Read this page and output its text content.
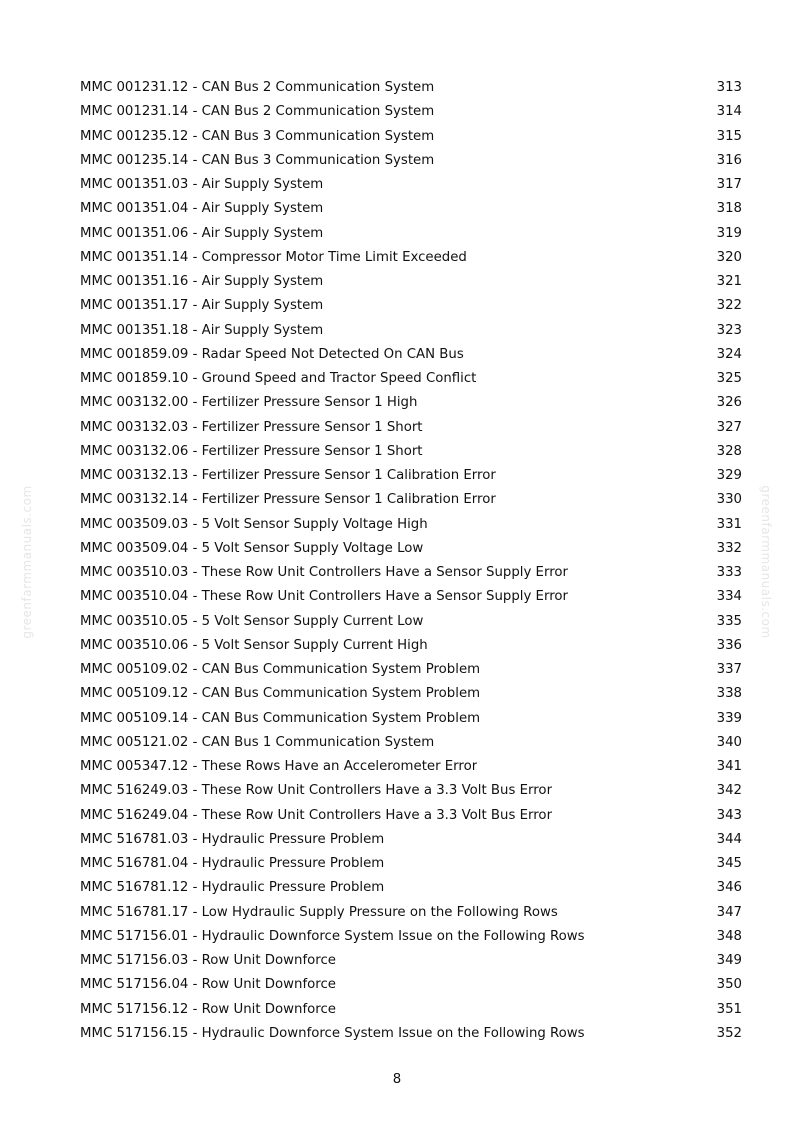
greenfarmmanuals.com	greenfarmmanuals.com
MMC 001231.12 - CAN Bus 2 Communication System	313
MMC 001231.14 - CAN Bus 2 Communication System	314
MMC 001235.12 - CAN Bus 3 Communication System	315
MMC 001235.14 - CAN Bus 3 Communication System	316
MMC 001351.03 - Air Supply System	317
MMC 001351.04 - Air Supply System	318
MMC 001351.06 - Air Supply System	319
MMC 001351.14 - Compressor Motor Time Limit Exceeded	320
MMC 001351.16 - Air Supply System	321
MMC 001351.17 - Air Supply System	322
MMC 001351.18 - Air Supply System	323
MMC 001859.09 - Radar Speed Not Detected On CAN Bus	324
MMC 001859.10 - Ground Speed and Tractor Speed Conflict	325
MMC 003132.00 - Fertilizer Pressure Sensor 1 High	326
MMC 003132.03 - Fertilizer Pressure Sensor 1 Short	327
MMC 003132.06 - Fertilizer Pressure Sensor 1 Short	328
MMC 003132.13 - Fertilizer Pressure Sensor 1 Calibration Error	329
MMC 003132.14 - Fertilizer Pressure Sensor 1 Calibration Error	330
MMC 003509.03 - 5 Volt Sensor Supply Voltage High	331
MMC 003509.04 - 5 Volt Sensor Supply Voltage Low	332
MMC 003510.03 - These Row Unit Controllers Have a Sensor Supply Error	333
MMC 003510.04 - These Row Unit Controllers Have a Sensor Supply Error	334
MMC 003510.05 - 5 Volt Sensor Supply Current Low	335
MMC 003510.06 - 5 Volt Sensor Supply Current High	336
MMC 005109.02 - CAN Bus Communication System Problem	337
MMC 005109.12 - CAN Bus Communication System Problem	338
MMC 005109.14 - CAN Bus Communication System Problem	339
MMC 005121.02 - CAN Bus 1 Communication System	340
MMC 005347.12 - These Rows Have an Accelerometer Error	341
MMC 516249.03 - These Row Unit Controllers Have a 3.3 Volt Bus Error	342
MMC 516249.04 - These Row Unit Controllers Have a 3.3 Volt Bus Error	343
MMC 516781.03 - Hydraulic Pressure Problem	344
MMC 516781.04 - Hydraulic Pressure Problem	345
MMC 516781.12 - Hydraulic Pressure Problem	346
MMC 516781.17 - Low Hydraulic Supply Pressure on the Following Rows	347
MMC 517156.01 - Hydraulic Downforce System Issue on the Following Rows	348
MMC 517156.03 - Row Unit Downforce	349
MMC 517156.04 - Row Unit Downforce	350
MMC 517156.12 - Row Unit Downforce	351
MMC 517156.15 - Hydraulic Downforce System Issue on the Following Rows	352
8
